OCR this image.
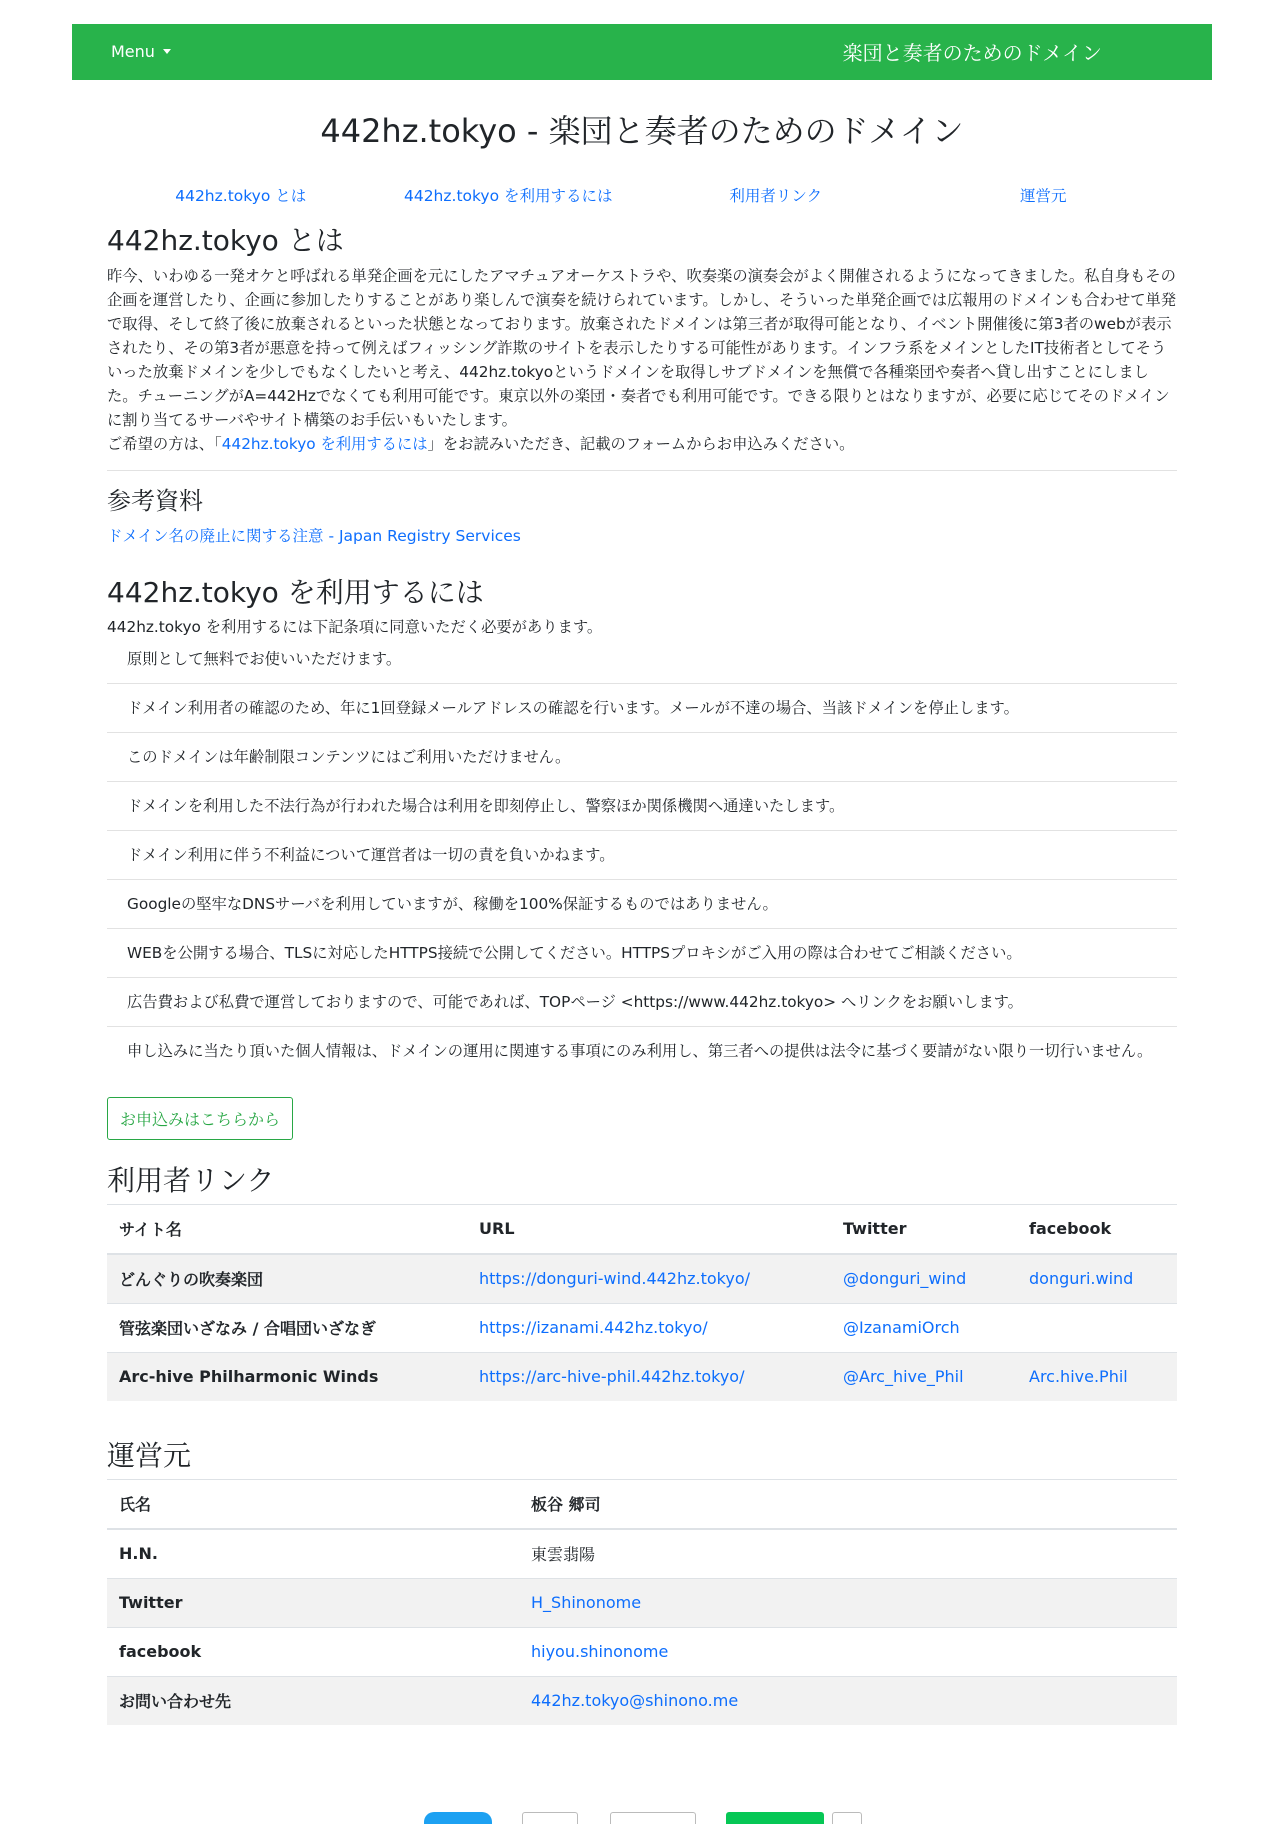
Menu	楽団と奏者のためのドメイン
442hz.tokyo - 楽団と奏者のためのドメイン
442hz.tokyo とは	442hz.tokyo を利用するには	利用者リンク	運営元
442hz.tokyo とは

昨今、いわゆる一発オケと呼ばれる単発企画を元にしたアマチュアオーケストラや、吹奏楽の演奏会がよく開催されるようになってきました。私自身もその企画を運営したり、企画に参加したりすることがあり楽しんで演奏を続けられています。しかし、そういった単発企画では広報用のドメインも合わせて単発で取得、そして終了後に放棄されるといった状態となっております。放棄されたドメインは第三者が取得可能となり、イベント開催後に第3者のwebが表示されたり、その第3者が悪意を持って例えばフィッシング詐欺のサイトを表示したりする可能性があります。インフラ系をメインとしたIT技術者としてそういった放棄ドメインを少しでもなくしたいと考え、442hz.tokyoというドメインを取得しサブドメインを無償で各種楽団や奏者へ貸し出すことにしました。チューニングがA=442Hzでなくても利用可能です。東京以外の楽団・奏者でも利用可能です。できる限りとはなりますが、必要に応じてそのドメインに割り当てるサーバやサイト構築のお手伝いもいたします。
ご希望の方は、「442hz.tokyo を利用するには」をお読みいただき、記載のフォームからお申込みください。

参考資料
ドメイン名の廃止に関する注意 - Japan Registry Services
442hz.tokyo を利用するには

442hz.tokyo を利用するには下記条項に同意いただく必要があります。

原則として無料でお使いいただけます。
ドメイン利用者の確認のため、年に1回登録メールアドレスの確認を行います。メールが不達の場合、当該ドメインを停止します。
このドメインは年齢制限コンテンツにはご利用いただけません。
ドメインを利用した不法行為が行われた場合は利用を即刻停止し、警察ほか関係機関へ通達いたします。
ドメイン利用に伴う不利益について運営者は一切の責を負いかねます。
Googleの堅牢なDNSサーバを利用していますが、稼働を100%保証するものではありません。
WEBを公開する場合、TLSに対応したHTTPS接続で公開してください。HTTPSプロキシがご入用の際は合わせてご相談ください。
広告費および私費で運営しておりますので、可能であれば、TOPページ <https://www.442hz.tokyo> へリンクをお願いします。
申し込みに当たり頂いた個人情報は、ドメインの運用に関連する事項にのみ利用し、第三者への提供は法令に基づく要請がない限り一切行いません。
お申込みはこちらから
利用者リンク
サイト名	URL	Twitter	facebook
どんぐりの吹奏楽団	https://donguri-wind.442hz.tokyo/	@donguri_wind	donguri.wind
管弦楽団いざなみ / 合唱団いざなぎ	https://izanami.442hz.tokyo/	@IzanamiOrch	
Arc-hive Philharmonic Winds	https://arc-hive-phil.442hz.tokyo/	@Arc_hive_Phil	Arc.hive.Phil
運営元
氏名	板谷 郷司
H.N.	東雲翡陽
Twitter	H_Shinonome
facebook	hiyou.shinonome
お問い合わせ先	442hz.tokyo@shinono.me
